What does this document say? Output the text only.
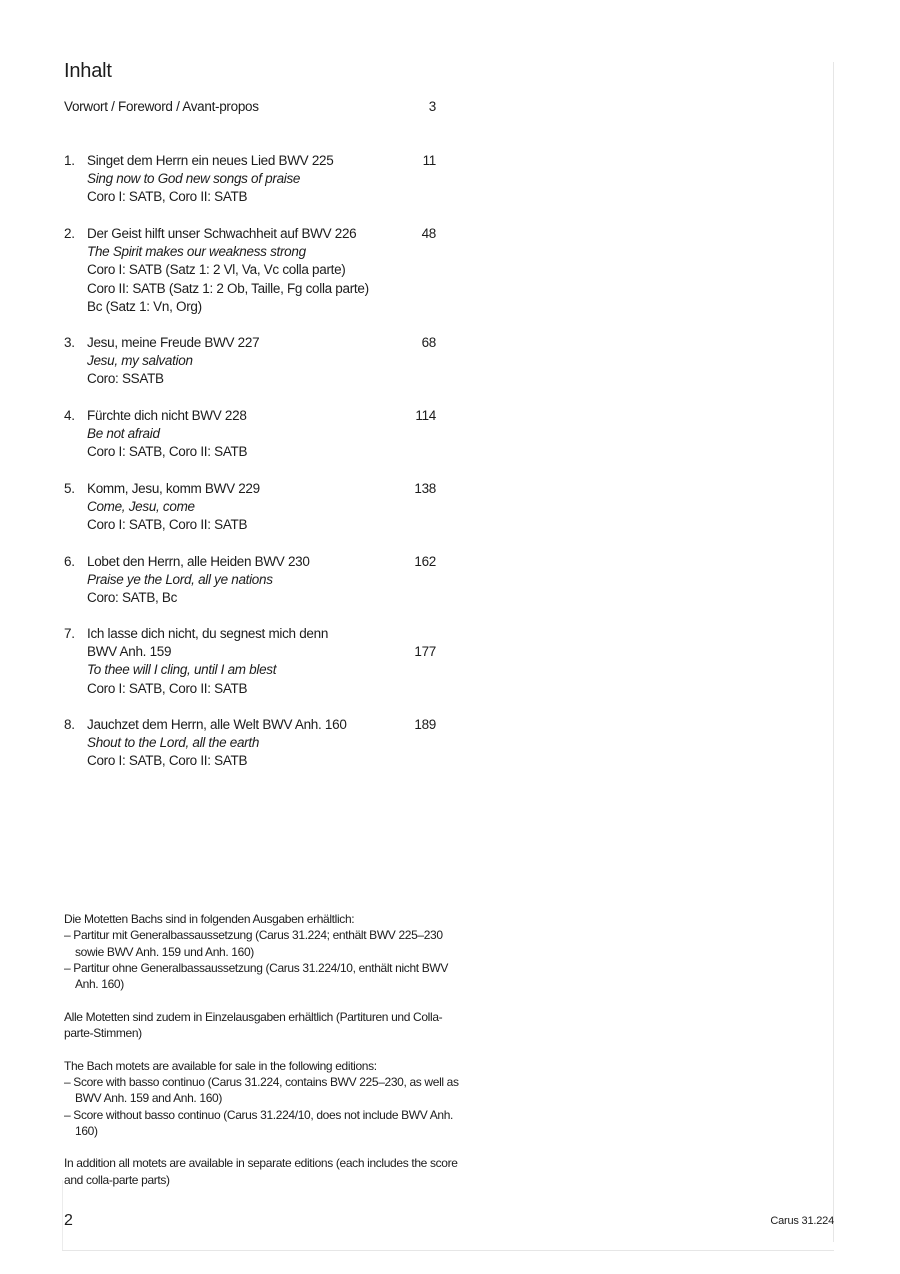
Inhalt
Vorwort / Foreword / Avant-propos	3
1. Singet dem Herrn ein neues Lied BWV 225
Sing now to God new songs of praise
Coro I: SATB, Coro II: SATB
11
2. Der Geist hilft unser Schwachheit auf BWV 226
The Spirit makes our weakness strong
Coro I: SATB (Satz 1: 2 Vl, Va, Vc colla parte)
Coro II: SATB (Satz 1: 2 Ob, Taille, Fg colla parte)
Bc (Satz 1: Vn, Org)
48
3. Jesu, meine Freude BWV 227
Jesu, my salvation
Coro: SSATB
68
4. Fürchte dich nicht BWV 228
Be not afraid
Coro I: SATB, Coro II: SATB
114
5. Komm, Jesu, komm BWV 229
Come, Jesu, come
Coro I: SATB, Coro II: SATB
138
6. Lobet den Herrn, alle Heiden BWV 230
Praise ye the Lord, all ye nations
Coro: SATB, Bc
162
7. Ich lasse dich nicht, du segnest mich denn
BWV Anh. 159
To thee will I cling, until I am blest
Coro I: SATB, Coro II: SATB
177
8. Jauchzet dem Herrn, alle Welt BWV Anh. 160
Shout to the Lord, all the earth
Coro I: SATB, Coro II: SATB
189

Die Motetten Bachs sind in folgenden Ausgaben erhältlich:
– Partitur mit Generalbassaussetzung (Carus 31.224; enthält BWV 225–230 sowie BWV Anh. 159 und Anh. 160)
– Partitur ohne Generalbassaussetzung (Carus 31.224/10, enthält nicht BWV Anh. 160)

Alle Motetten sind zudem in Einzelausgaben erhältlich (Partituren und Colla-parte-Stimmen)

The Bach motets are available for sale in the following editions:
– Score with basso continuo (Carus 31.224, contains BWV 225–230, as well as BWV Anh. 159 and Anh. 160)
– Score without basso continuo (Carus 31.224/10, does not include BWV Anh. 160)

In addition all motets are available in separate editions (each includes the score and colla-parte parts)

2	Carus 31.224
